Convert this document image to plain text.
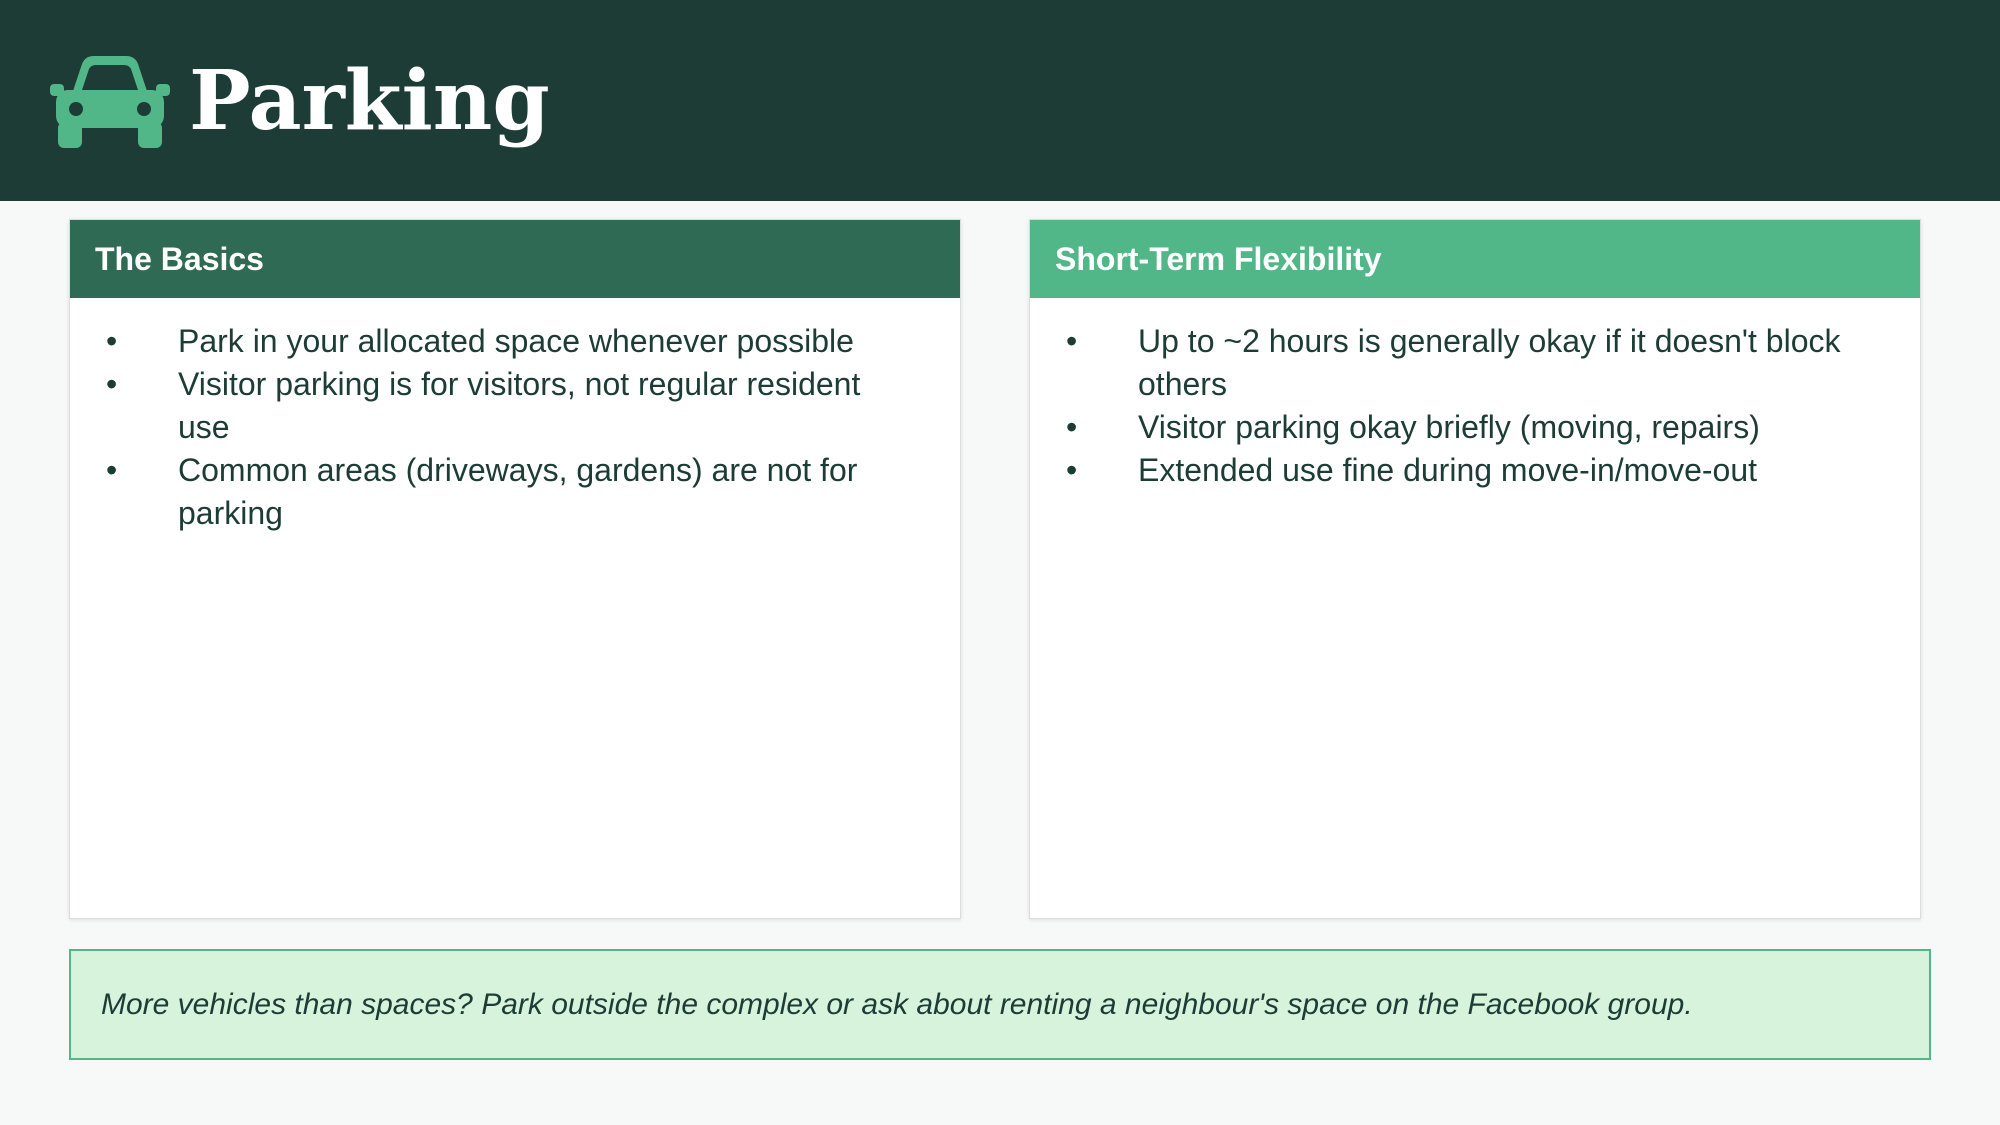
Parking
The Basics
•	Park in your allocated space whenever possible
•	Visitor parking is for visitors, not regular resident use
•	Common areas (driveways, gardens) are not for parking
Short-Term Flexibility
•	Up to ~2 hours is generally okay if it doesn't block others
•	Visitor parking okay briefly (moving, repairs)
•	Extended use fine during move-in/move-out
More vehicles than spaces? Park outside the complex or ask about renting a neighbour's space on the Facebook group.
